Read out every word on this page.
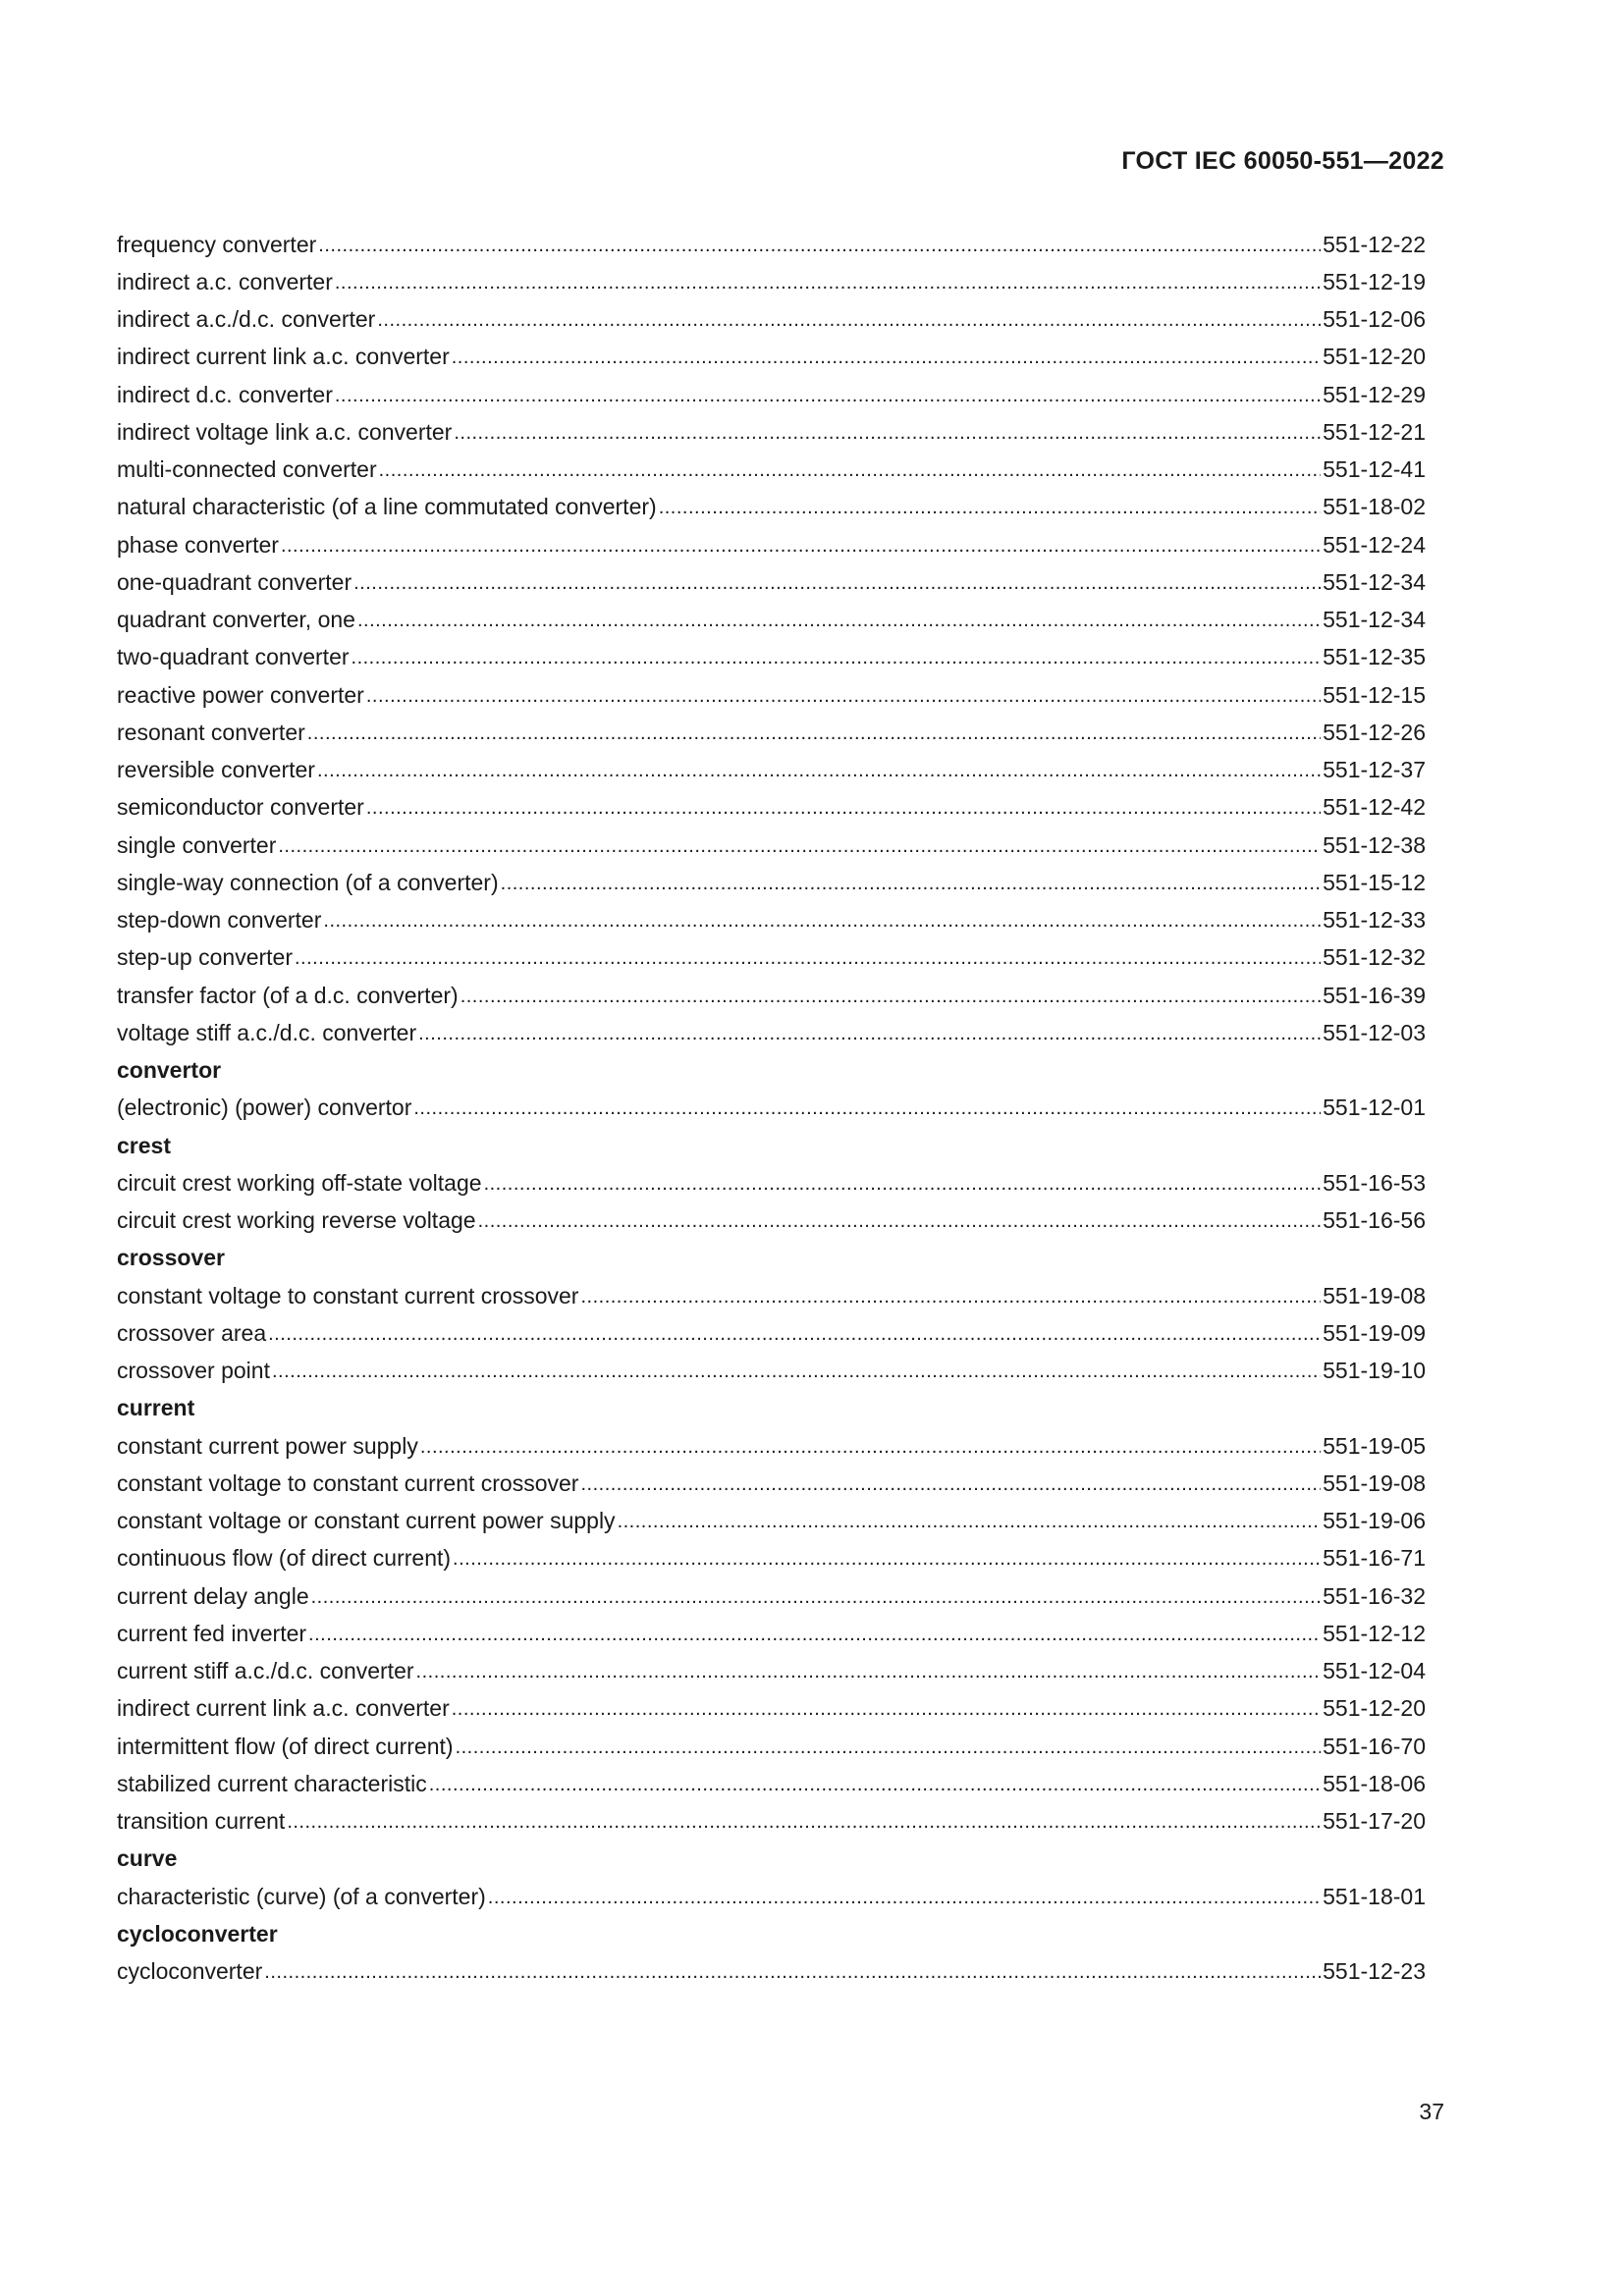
ГОСТ IEC 60050-551—2022
frequency converter .....	551-12-22
indirect a.c. converter .....	551-12-19
indirect a.c./d.c. converter .....	551-12-06
indirect current link a.c. converter .....	551-12-20
indirect d.c. converter .....	551-12-29
indirect voltage link a.c. converter .....	551-12-21
multi-connected converter .....	551-12-41
natural characteristic (of a line commutated converter) .....	551-18-02
phase converter .....	551-12-24
one-quadrant converter .....	551-12-34
quadrant converter, one .....	551-12-34
two-quadrant converter .....	551-12-35
reactive power converter .....	551-12-15
resonant converter .....	551-12-26
reversible converter .....	551-12-37
semiconductor converter .....	551-12-42
single converter .....	551-12-38
single-way connection (of a converter) .....	551-15-12
step-down converter .....	551-12-33
step-up converter .....	551-12-32
transfer factor (of a d.c. converter) .....	551-16-39
voltage stiff a.c./d.c. converter .....	551-12-03
convertor
(electronic) (power) convertor .....	551-12-01
crest
circuit crest working off-state voltage .....	551-16-53
circuit crest working reverse voltage .....	551-16-56
crossover
constant voltage to constant current crossover .....	551-19-08
crossover area .....	551-19-09
crossover point .....	551-19-10
current
constant current power supply .....	551-19-05
constant voltage to constant current crossover .....	551-19-08
constant voltage or constant current power supply .....	551-19-06
continuous flow (of direct current) .....	551-16-71
current delay angle .....	551-16-32
current fed inverter .....	551-12-12
current stiff a.c./d.c. converter .....	551-12-04
indirect current link a.c. converter .....	551-12-20
intermittent flow (of direct current) .....	551-16-70
stabilized current characteristic .....	551-18-06
transition current .....	551-17-20
curve
characteristic (curve) (of a converter) .....	551-18-01
cycloconverter
cycloconverter .....	551-12-23
37
